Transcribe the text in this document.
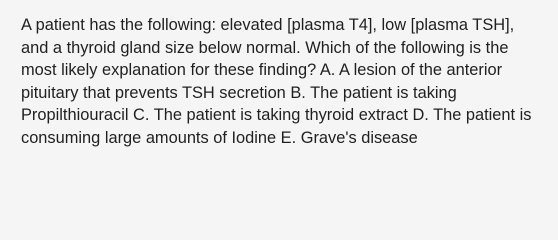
A patient has the following: elevated [plasma T4], low [plasma TSH], and a thyroid gland size below normal. Which of the following is the most likely explanation for these finding? A. A lesion of the anterior pituitary that prevents TSH secretion B. The patient is taking Propilthiouracil C. The patient is taking thyroid extract D. The patient is consuming large amounts of Iodine E. Grave's disease
